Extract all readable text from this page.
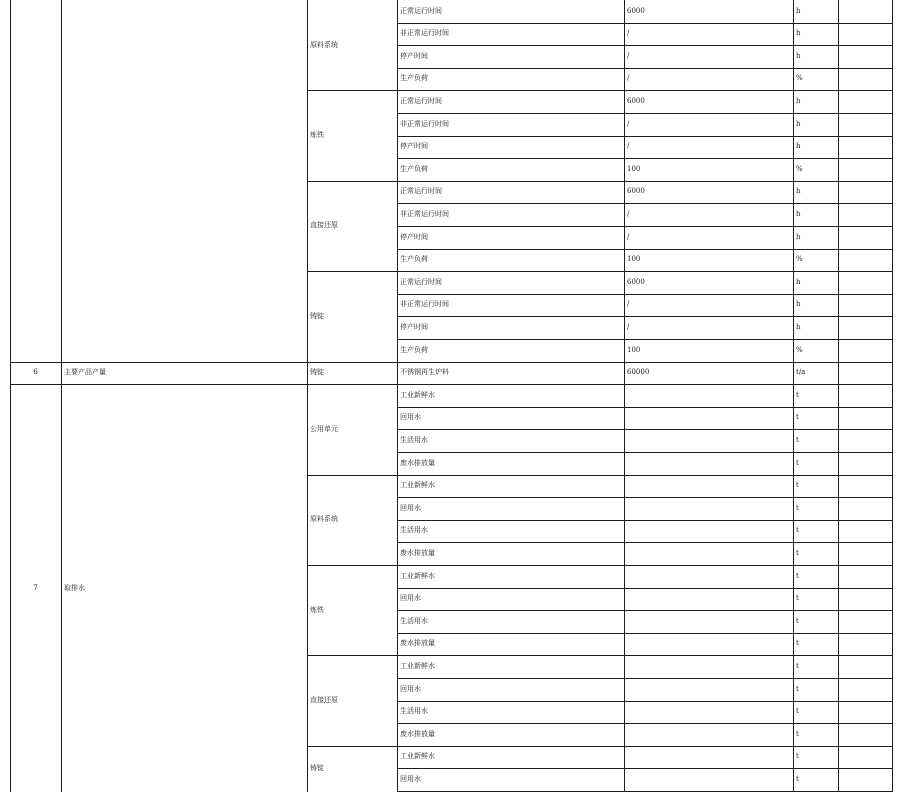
原料系统
正常运行时间	6000	h
非正常运行时间	/	h
停产时间	/	h
生产负荷	/	%
炼铁
正常运行时间	6000	h
非正常运行时间	/	h
停产时间	/	h
生产负荷	100	%
直接还原
正常运行时间	6000	h
非正常运行时间	/	h
停产时间	/	h
生产负荷	100	%
铸锭
正常运行时间	6000	h
非正常运行时间	/	h
停产时间	/	h
生产负荷	100	%
6	主要产品产量	铸锭	不锈钢再生炉料	60000	t/a
7	取排水
公用单元
工业新鲜水	t
回用水	t
生活用水	t
废水排放量	t
原料系统
工业新鲜水	t
回用水	t
生活用水	t
废水排放量	t
炼铁
工业新鲜水	t
回用水	t
生活用水	t
废水排放量	t
直接还原
工业新鲜水	t
回用水	t
生活用水	t
废水排放量	t
铸锭
工业新鲜水	t
回用水	t
